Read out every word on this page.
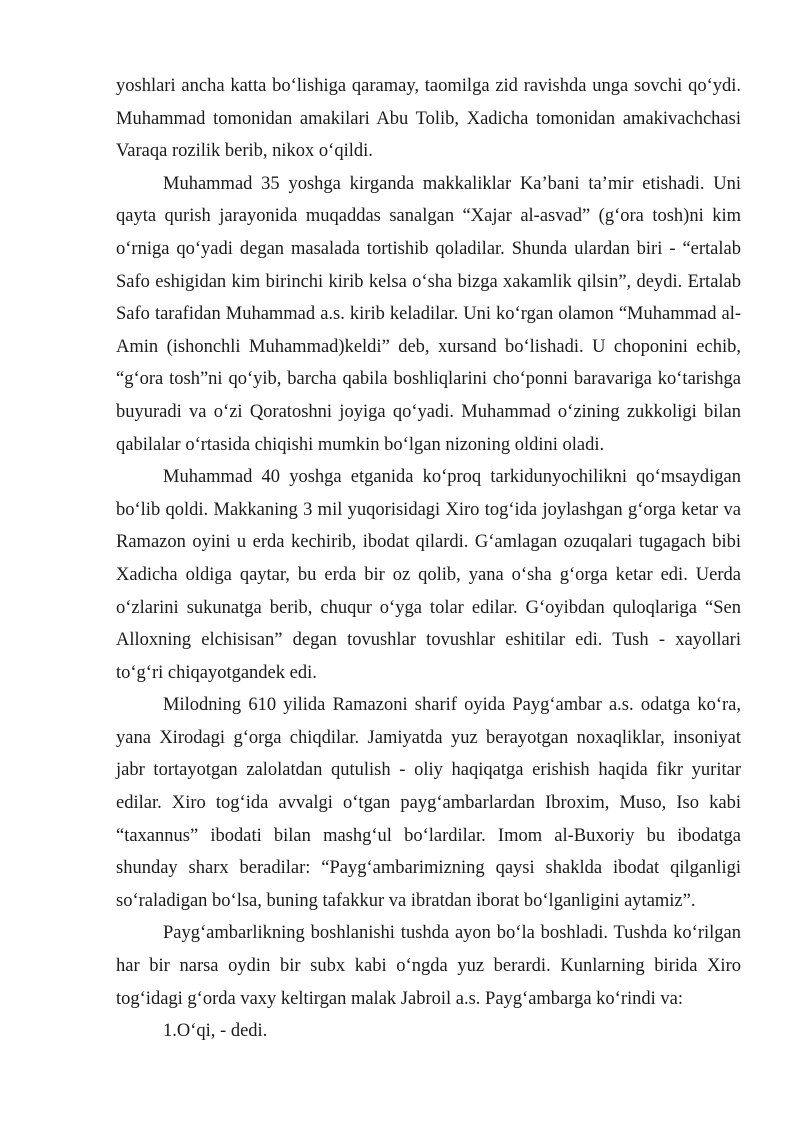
yoshlari ancha katta bo‘lishiga qaramay, taomilga zid ravishda unga sovchi qo‘ydi. Muhammad tomonidan amakilari Abu Tolib, Xadicha tomonidan amakivachchasi Varaqa rozilik berib, nikox o‘qildi.

Muhammad 35 yoshga kirganda makkaliklar Ka’bani ta’mir etishadi. Uni qayta qurish jarayonida muqaddas sanalgan “Xajar al-asvad” (g‘ora tosh)ni kim o‘rniga qo‘yadi degan masalada tortishib qoladilar. Shunda ulardan biri - “ertalab Safo eshigidan kim birinchi kirib kelsa o‘sha bizga xakamlik qilsin”, deydi. Ertalab Safo tarafidan Muhammad a.s. kirib keladilar. Uni ko‘rgan olamon “Muhammad al-Amin (ishonchli Muhammad)keldi” deb, xursand bo‘lishadi. U choponini echib, “g‘ora tosh”ni qo‘yib, barcha qabila boshliqlarini cho‘ponni baravariga ko‘tarishga buyuradi va o‘zi Qoratoshni joyiga qo‘yadi. Muhammad o‘zining zukkoligi bilan qabilalar o‘rtasida chiqishi mumkin bo‘lgan nizoning oldini oladi.

Muhammad 40 yoshga etganida ko‘proq tarkidunyochilikni qo‘msaydigan bo‘lib qoldi. Makkaning 3 mil yuqorisidagi Xiro tog‘ida joylashgan g‘orga ketar va Ramazon oyini u erda kechirib, ibodat qilardi. G‘amlagan ozuqalari tugagach bibi Xadicha oldiga qaytar, bu erda bir oz qolib, yana o‘sha g‘orga ketar edi. Uerda o‘zlarini sukunatga berib, chuqur o‘yga tolar edilar. G‘oyibdan quloqlariga “Sen Alloxning elchisisan” degan tovushlar tovushlar eshitilar edi. Tush - xayollari to‘g‘ri chiqayotgandek edi.

Milodning 610 yilida Ramazoni sharif oyida Payg‘ambar a.s. odatga ko‘ra, yana Xirodagi g‘orga chiqdilar. Jamiyatda yuz berayotgan noxaqliklar, insoniyat jabr tortayotgan zalolatdan qutulish - oliy haqiqatga erishish haqida fikr yuritar edilar. Xiro tog‘ida avvalgi o‘tgan payg‘ambarlardan Ibroxim, Muso, Iso kabi “taxannus” ibodati bilan mashg‘ul bo‘lardilar. Imom al-Buxoriy bu ibodatga shunday sharx beradilar: “Payg‘ambarimizning qaysi shaklda ibodat qilganligi so‘raladigan bo‘lsa, buning tafakkur va ibratdan iborat bo‘lganligini aytamiz”.

Payg‘ambarlikning boshlanishi tushda ayon bo‘la boshladi. Tushda ko‘rilgan har bir narsa oydin bir subx kabi o‘ngda yuz berardi. Kunlarning birida Xiro tog‘idagi g‘orda vaxy keltirgan malak Jabroil a.s. Payg‘ambarga ko‘rindi va:

1.O‘qi, - dedi.
